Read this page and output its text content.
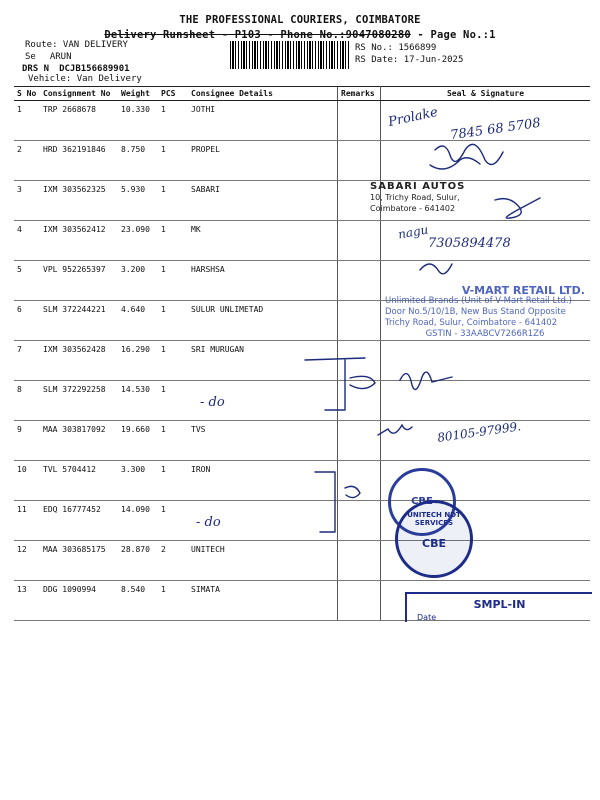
THE PROFESSIONAL COURIERS, COIMBATORE
Delivery Runsheet - P103 - Phone No.:9047080280 - Page No.:1
Route: VAN DELIVERY
Se ARUN
DRS N DCJB156689901
Vehicle: Van Delivery
RS No.: 1566899
RS Date: 17-Jun-2025
S No	Consignment No	Weight	PCS	Consignee Details	Remarks	Seal & Signature
1	TRP 2668678	10.330	1	JOTHI		
2	HRD 362191846	8.750	1	PROPEL		
3	IXM 303562325	5.930	1	SABARI		
4	IXM 303562412	23.090	1	MK		
5	VPL 952265397	3.200	1	HARSHSA		
6	SLM 372244221	4.640	1	SULUR UNLIMETAD		
7	IXM 303562428	16.290	1	SRI MURUGAN		
8	SLM 372292258	14.530	1			
9	MAA 303817092	19.660	1	TVS		
10	TVL 5704412	3.300	1	IRON		
11	EDQ 16777452	14.090	1			
12	MAA 303685175	28.870	2	UNITECH		
13	DDG 1090994	8.540	1	SIMATA		
SABARI AUTOS
10, Trichy Road, Sulur,
Coimbatore - 641402
V-MART RETAIL LTD.
Unlimited Brands (Unit of V-Mart Retail Ltd.)
Door No.5/10/1B, New Bus Stand Opposite
Trichy Road, Sulur, Coimbatore - 641402
GSTIN - 33AABCV7266R1Z6
CBE
UNITECH NDT SERVICES
CBE
SMPL-IN
Date
Prolake 7845 68 5708
nagu
7305894478
- do
80105-97999.
- do
